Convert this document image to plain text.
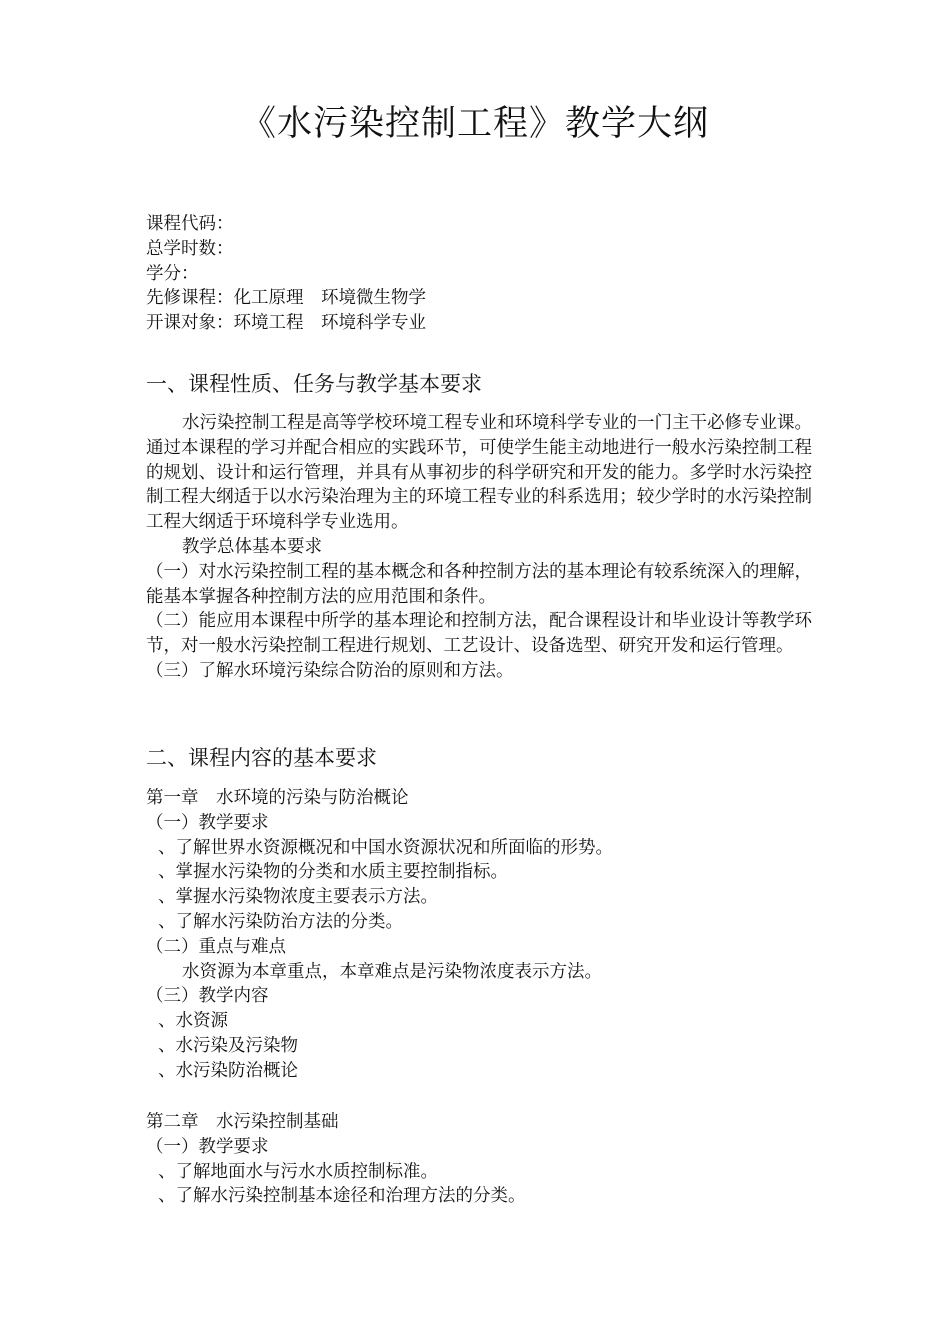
《水污染控制工程》教学大纲
课程代码：
总学时数：
学分：
先修课程：化工原理　环境微生物学
开课对象：环境工程　环境科学专业
一、课程性质、任务与教学基本要求

水污染控制工程是高等学校环境工程专业和环境科学专业的一门主干必修专业课。通过本课程的学习并配合相应的实践环节，可使学生能主动地进行一般水污染控制工程的规划、设计和运行管理，并具有从事初步的科学研究和开发的能力。多学时水污染控制工程大纲适于以水污染治理为主的环境工程专业的科系选用；较少学时的水污染控制工程大纲适于环境科学专业选用。

教学总体基本要求

（一）对水污染控制工程的基本概念和各种控制方法的基本理论有较系统深入的理解，能基本掌握各种控制方法的应用范围和条件。

（二）能应用本课程中所学的基本理论和控制方法，配合课程设计和毕业设计等教学环节，对一般水污染控制工程进行规划、工艺设计、设备选型、研究开发和运行管理。

（三）了解水环境污染综合防治的原则和方法。

二、课程内容的基本要求
第一章　水环境的污染与防治概论
（一）教学要求
、了解世界水资源概况和中国水资源状况和所面临的形势。
、掌握水污染物的分类和水质主要控制指标。
、掌握水污染物浓度主要表示方法。
、了解水污染防治方法的分类。
（二）重点与难点
水资源为本章重点，本章难点是污染物浓度表示方法。
（三）教学内容
、水资源
、水污染及污染物
、水污染防治概论
第二章　水污染控制基础
（一）教学要求
、了解地面水与污水水质控制标准。
、了解水污染控制基本途径和治理方法的分类。
